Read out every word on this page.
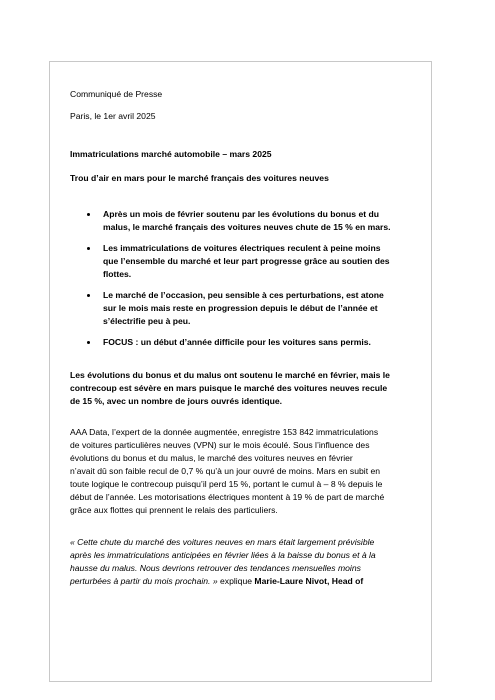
Communiqué de Presse
Paris, le 1er avril 2025
Immatriculations marché automobile – mars 2025
Trou d’air en mars pour le marché français des voitures neuves
Après un mois de février soutenu par les évolutions du bonus et du
malus, le marché français des voitures neuves chute de 15 % en mars.
Les immatriculations de voitures électriques reculent à peine moins
que l’ensemble du marché et leur part progresse grâce au soutien des
flottes.
Le marché de l’occasion, peu sensible à ces perturbations, est atone
sur le mois mais reste en progression depuis le début de l’année et
s’électrifie peu à peu.
FOCUS : un début d’année difficile pour les voitures sans permis.
Les évolutions du bonus et du malus ont soutenu le marché en février, mais le
contrecoup est sévère en mars puisque le marché des voitures neuves recule
de 15 %, avec un nombre de jours ouvrés identique.
AAA Data, l’expert de la donnée augmentée, enregistre 153 842 immatriculations
de voitures particulières neuves (VPN) sur le mois écoulé. Sous l’influence des
évolutions du bonus et du malus, le marché des voitures neuves en février
n’avait dû son faible recul de 0,7 % qu’à un jour ouvré de moins. Mars en subit en
toute logique le contrecoup puisqu’il perd 15 %, portant le cumul à – 8 % depuis le
début de l’année. Les motorisations électriques montent à 19 % de part de marché
grâce aux flottes qui prennent le relais des particuliers.
« Cette chute du marché des voitures neuves en mars était largement prévisible
après les immatriculations anticipées en février liées à la baisse du bonus et à la
hausse du malus. Nous devrions retrouver des tendances mensuelles moins
perturbées à partir du mois prochain. » explique Marie-Laure Nivot, Head of
